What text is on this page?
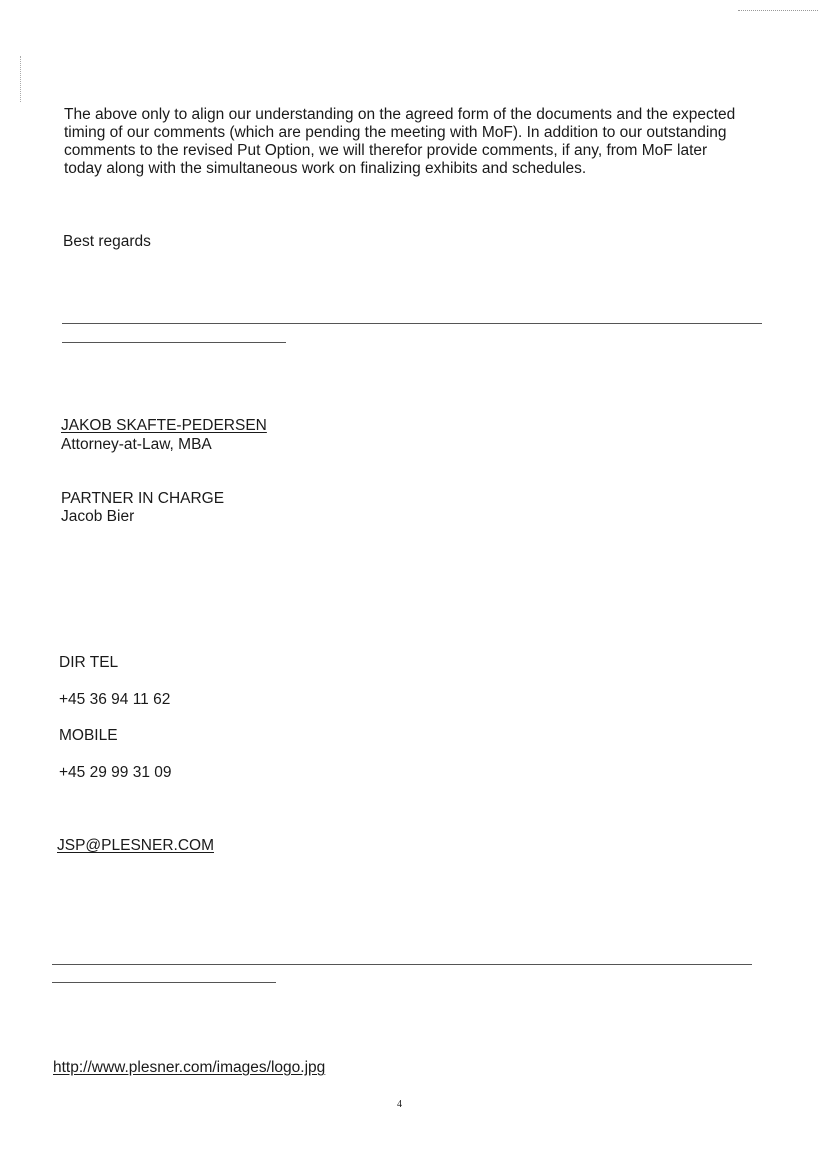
The above only to align our understanding on the agreed form of the documents and the expected
timing of our comments (which are pending the meeting with MoF). In addition to our outstanding
comments to the revised Put Option, we will therefor provide comments, if any, from MoF later
today along with the simultaneous work on finalizing exhibits and schedules.
Best regards
JAKOB SKAFTE-PEDERSEN
Attorney-at-Law, MBA
PARTNER IN CHARGE
Jacob Bier
DIR TEL
+45 36 94 11 62
MOBILE
+45 29 99 31 09
JSP@PLESNER.COM
http://www.plesner.com/images/logo.jpg
4
